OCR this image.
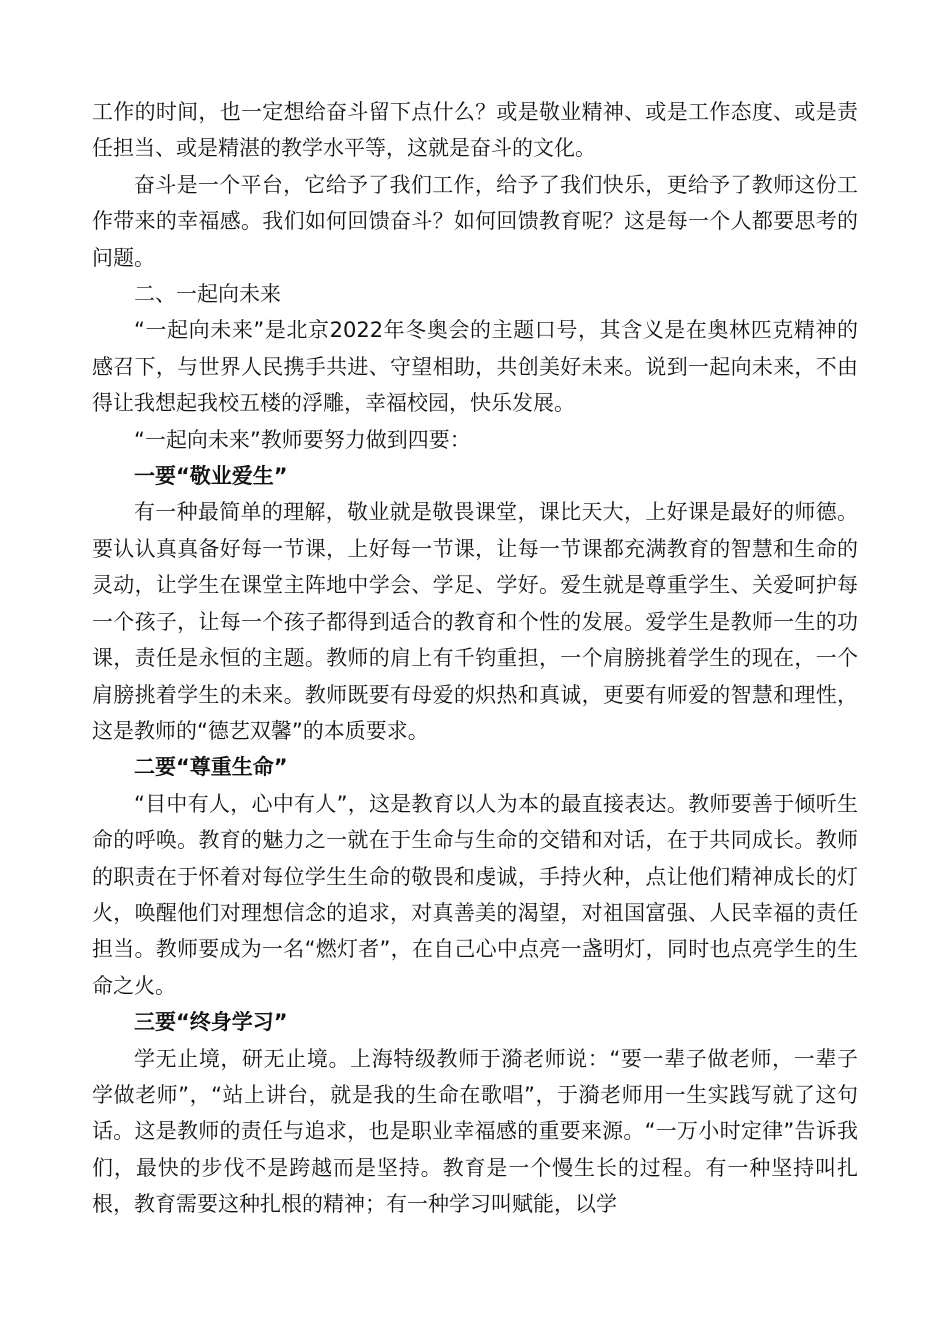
工作的时间，也一定想给奋斗留下点什么？或是敬业精神、或是工作态度、或是责任担当、或是精湛的教学水平等，这就是奋斗的文化。

奋斗是一个平台，它给予了我们工作，给予了我们快乐，更给予了教师这份工作带来的幸福感。我们如何回馈奋斗？如何回馈教育呢？这是每一个人都要思考的问题。

二、一起向未来

“一起向未来”是北京2022年冬奥会的主题口号，其含义是在奥林匹克精神的感召下，与世界人民携手共进、守望相助，共创美好未来。说到一起向未来，不由得让我想起我校五楼的浮雕，幸福校园，快乐发展。

“一起向未来”教师要努力做到四要：

一要“敬业爱生”

有一种最简单的理解，敬业就是敬畏课堂，课比天大，上好课是最好的师德。要认认真真备好每一节课，上好每一节课，让每一节课都充满教育的智慧和生命的灵动，让学生在课堂主阵地中学会、学足、学好。爱生就是尊重学生、关爱呵护每一个孩子，让每一个孩子都得到适合的教育和个性的发展。爱学生是教师一生的功课，责任是永恒的主题。教师的肩上有千钧重担，一个肩膀挑着学生的现在，一个肩膀挑着学生的未来。教师既要有母爱的炽热和真诚，更要有师爱的智慧和理性，这是教师的“德艺双馨”的本质要求。

二要“尊重生命”

“目中有人，心中有人”，这是教育以人为本的最直接表达。教师要善于倾听生命的呼唤。教育的魅力之一就在于生命与生命的交错和对话，在于共同成长。教师的职责在于怀着对每位学生生命的敬畏和虔诚，手持火种，点让他们精神成长的灯火，唤醒他们对理想信念的追求，对真善美的渴望，对祖国富强、人民幸福的责任担当。教师要成为一名“燃灯者”，在自己心中点亮一盏明灯，同时也点亮学生的生命之火。

三要“终身学习”

学无止境，研无止境。上海特级教师于漪老师说：“要一辈子做老师，一辈子学做老师”，“站上讲台，就是我的生命在歌唱”，于漪老师用一生实践写就了这句话。这是教师的责任与追求，也是职业幸福感的重要来源。“一万小时定律”告诉我们，最快的步伐不是跨越而是坚持。教育是一个慢生长的过程。有一种坚持叫扎根，教育需要这种扎根的精神；有一种学习叫赋能，以学
